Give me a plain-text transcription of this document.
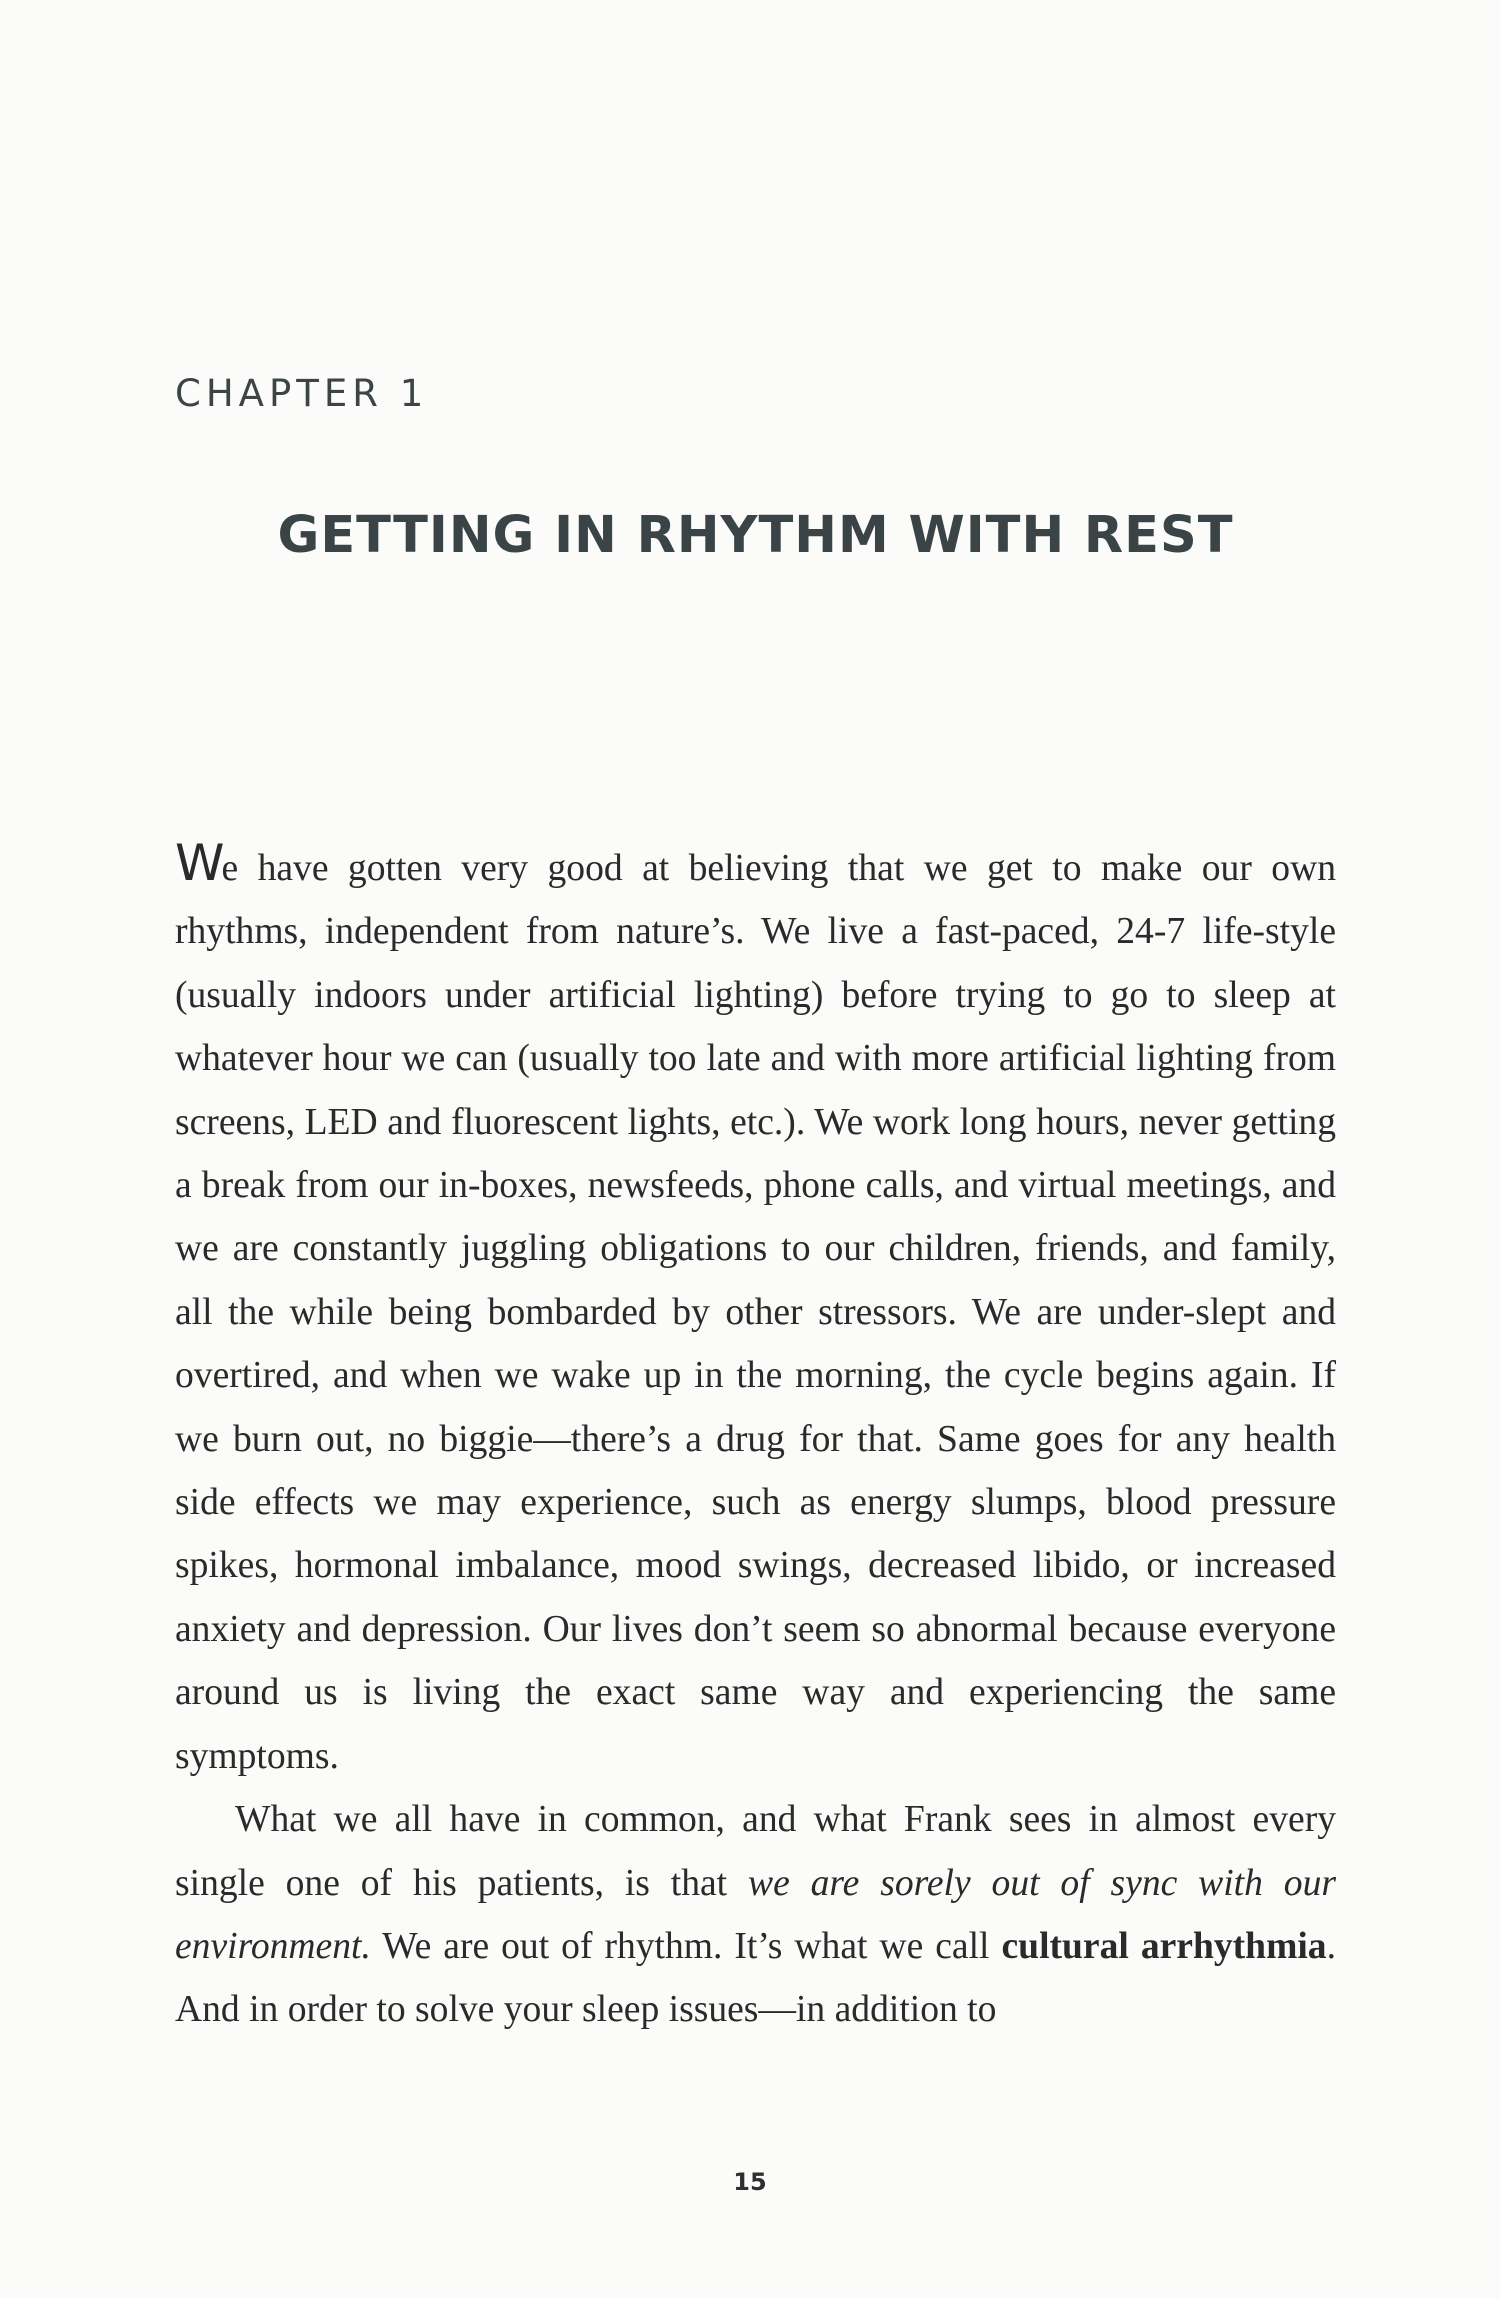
CHAPTER 1
GETTING IN RHYTHM WITH REST

We have gotten very good at believing that we get to make our own rhythms, independent from nature’s. We live a fast-paced, 24-7 life-style (usually indoors under artificial lighting) before trying to go to sleep at whatever hour we can (usually too late and with more artificial lighting from screens, LED and fluorescent lights, etc.). We work long hours, never getting a break from our in-boxes, newsfeeds, phone calls, and virtual meetings, and we are constantly juggling obligations to our children, friends, and family, all the while being bombarded by other stressors. We are under-slept and overtired, and when we wake up in the morning, the cycle begins again. If we burn out, no biggie—there’s a drug for that. Same goes for any health side effects we may experience, such as energy slumps, blood pressure spikes, hormonal imbalance, mood swings, decreased libido, or increased anxiety and depression. Our lives don’t seem so abnormal because everyone around us is living the exact same way and experiencing the same symptoms.

What we all have in common, and what Frank sees in almost every single one of his patients, is that we are sorely out of sync with our environment. We are out of rhythm. It’s what we call cultural arrhythmia. And in order to solve your sleep issues—in addition to

15
